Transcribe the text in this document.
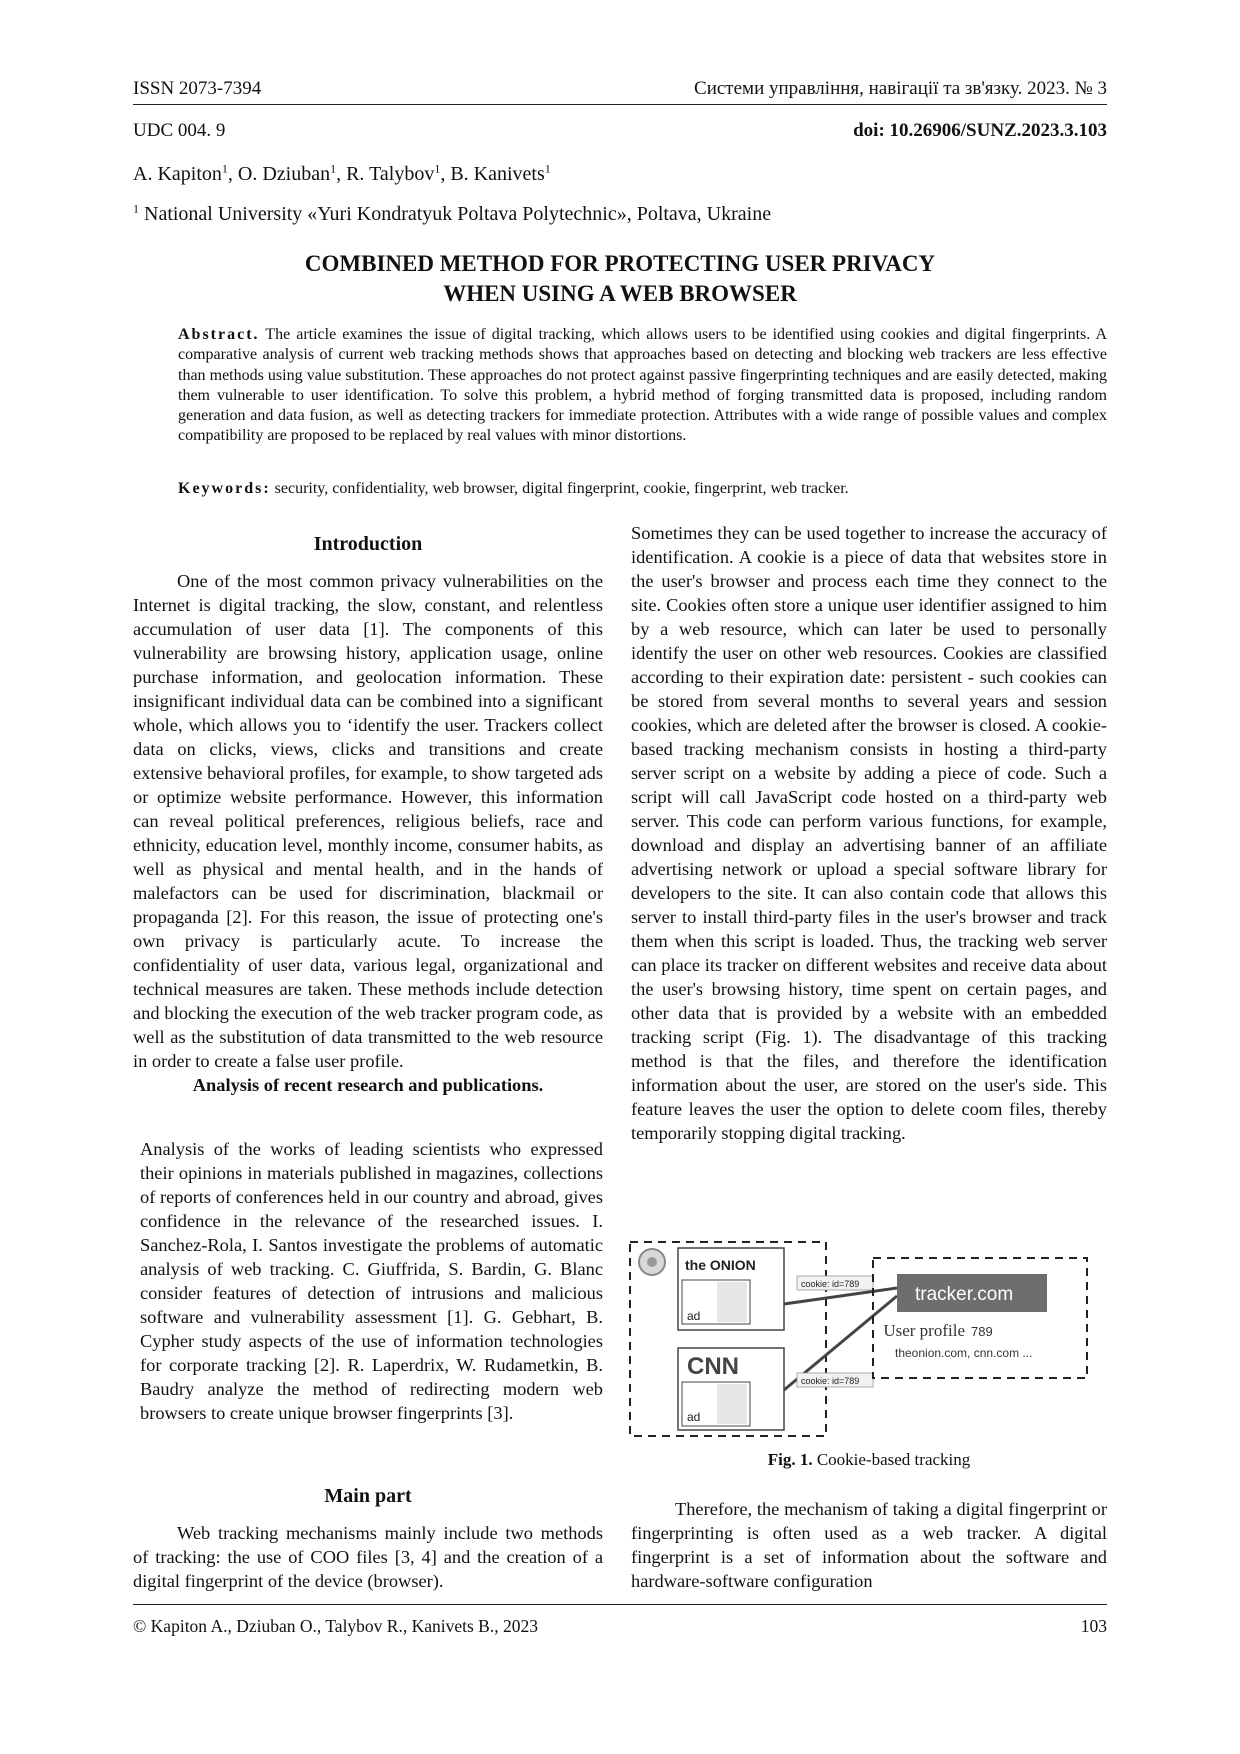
ISSN 2073-7394	Системи управління, навігації та зв'язку. 2023. № 3
UDC 004. 9	doi: 10.26906/SUNZ.2023.3.103
A. Kapiton$^1$, O. Dziuban$^1$, R. Talybov$^1$, B. Kanivets$^1$
$^1$ National University «Yuri Kondratyuk Poltava Polytechnic», Poltava, Ukraine
COMBINED METHOD FOR PROTECTING USER PRIVACY
WHEN USING A WEB BROWSER
Abstract. The article examines the issue of digital tracking, which allows users to be identified using cookies and digital fingerprints. A comparative analysis of current web tracking methods shows that approaches based on detecting and blocking web trackers are less effective than methods using value substitution. These approaches do not protect against passive fingerprinting techniques and are easily detected, making them vulnerable to user identification. To solve this problem, a hybrid method of forging transmitted data is proposed, including random generation and data fusion, as well as detecting trackers for immediate protection. Attributes with a wide range of possible values and complex compatibility are proposed to be replaced by real values with minor distortions.
Keywords: security, confidentiality, web browser, digital fingerprint, cookie, fingerprint, web tracker.
Introduction

One of the most common privacy vulnerabilities on the Internet is digital tracking, the slow, constant, and relentless accumulation of user data [1]. The components of this vulnerability are browsing history, application usage, online purchase information, and geolocation information. These insignificant individual data can be combined into a significant whole, which allows you to ‘identify the user. Trackers collect data on clicks, views, clicks and transitions and create extensive behavioral profiles, for example, to show targeted ads or optimize website performance. However, this information can reveal political preferences, religious beliefs, race and ethnicity, education level, monthly income, consumer habits, as well as physical and mental health, and in the hands of malefactors can be used for discrimination, blackmail or propaganda [2]. For this reason, the issue of protecting one's own privacy is particularly acute. To increase the confidentiality of user data, various legal, organizational and technical measures are taken. These methods include detection and blocking the execution of the web tracker program code, as well as the substitution of data transmitted to the web resource in order to create a false user profile.

Analysis of recent research and publications.

Analysis of the works of leading scientists who expressed their opinions in materials published in magazines, collections of reports of conferences held in our country and abroad, gives confidence in the relevance of the researched issues. I. Sanchez-Rola, I. Santos investigate the problems of automatic analysis of web tracking. C. Giuffrida, S. Bardin, G. Blanc consider features of detection of intrusions and malicious software and vulnerability assessment [1]. G. Gebhart, B. Cypher study aspects of the use of information technologies for corporate tracking [2]. R. Laperdrix, W. Rudametkin, B. Baudry analyze the method of redirecting modern web browsers to create unique browser fingerprints [3].

Main part

Web tracking mechanisms mainly include two methods of tracking: the use of COO files [3, 4] and the creation of a digital fingerprint of the device (browser).

Sometimes they can be used together to increase the accuracy of identification. A cookie is a piece of data that websites store in the user's browser and process each time they connect to the site. Cookies often store a unique user identifier assigned to him by a web resource, which can later be used to personally identify the user on other web resources. Cookies are classified according to their expiration date: persistent - such cookies can be stored from several months to several years and session cookies, which are deleted after the browser is closed. A cookie-based tracking mechanism consists in hosting a third-party server script on a website by adding a piece of code. Such a script will call JavaScript code hosted on a third-party web server. This code can perform various functions, for example, download and display an advertising banner of an affiliate advertising network or upload a special software library for developers to the site. It can also contain code that allows this server to install third-party files in the user's browser and track them when this script is loaded. Thus, the tracking web server can place its tracker on different websites and receive data about the user's browsing history, time spent on certain pages, and other data that is provided by a website with an embedded tracking script (Fig. 1). The disadvantage of this tracking method is that the files, and therefore the identification information about the user, are stored on the user's side. This feature leaves the user the option to delete coom files, thereby temporarily stopping digital tracking.

the ONION
ad
CNN
ad
cookie: id=789
cookie: id=789
tracker.com
User profile 789
theonion.com, cnn.com ...
Fig. 1. Cookie-based tracking

Therefore, the mechanism of taking a digital fingerprint or fingerprinting is often used as a web tracker. A digital fingerprint is a set of information about the software and hardware-software configuration

© Kapiton A., Dziuban O., Talybov R., Kanivets B., 2023	103
